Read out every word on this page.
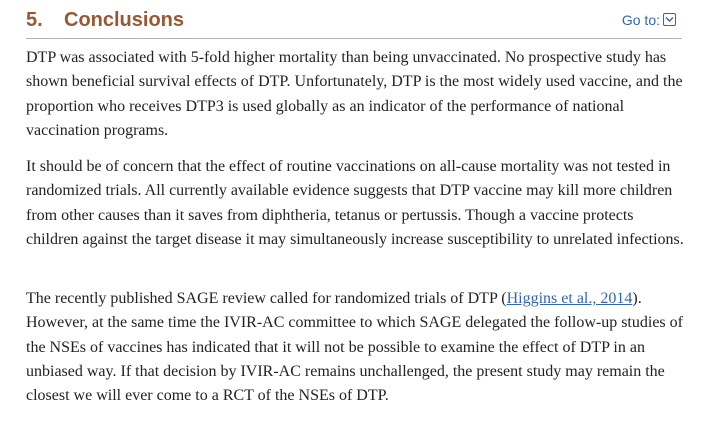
5. Conclusions	Go to:

DTP was associated with 5-fold higher mortality than being unvaccinated. No prospective study has shown beneficial survival effects of DTP. Unfortunately, DTP is the most widely used vaccine, and the proportion who receives DTP3 is used globally as an indicator of the performance of national vaccination programs.

It should be of concern that the effect of routine vaccinations on all-cause mortality was not tested in randomized trials. All currently available evidence suggests that DTP vaccine may kill more children from other causes than it saves from diphtheria, tetanus or pertussis. Though a vaccine protects children against the target disease it may simultaneously increase susceptibility to unrelated infections.

The recently published SAGE review called for randomized trials of DTP (Higgins et al., 2014). However, at the same time the IVIR-AC committee to which SAGE delegated the follow-up studies of the NSEs of vaccines has indicated that it will not be possible to examine the effect of DTP in an unbiased way. If that decision by IVIR-AC remains unchallenged, the present study may remain the closest we will ever come to a RCT of the NSEs of DTP.
